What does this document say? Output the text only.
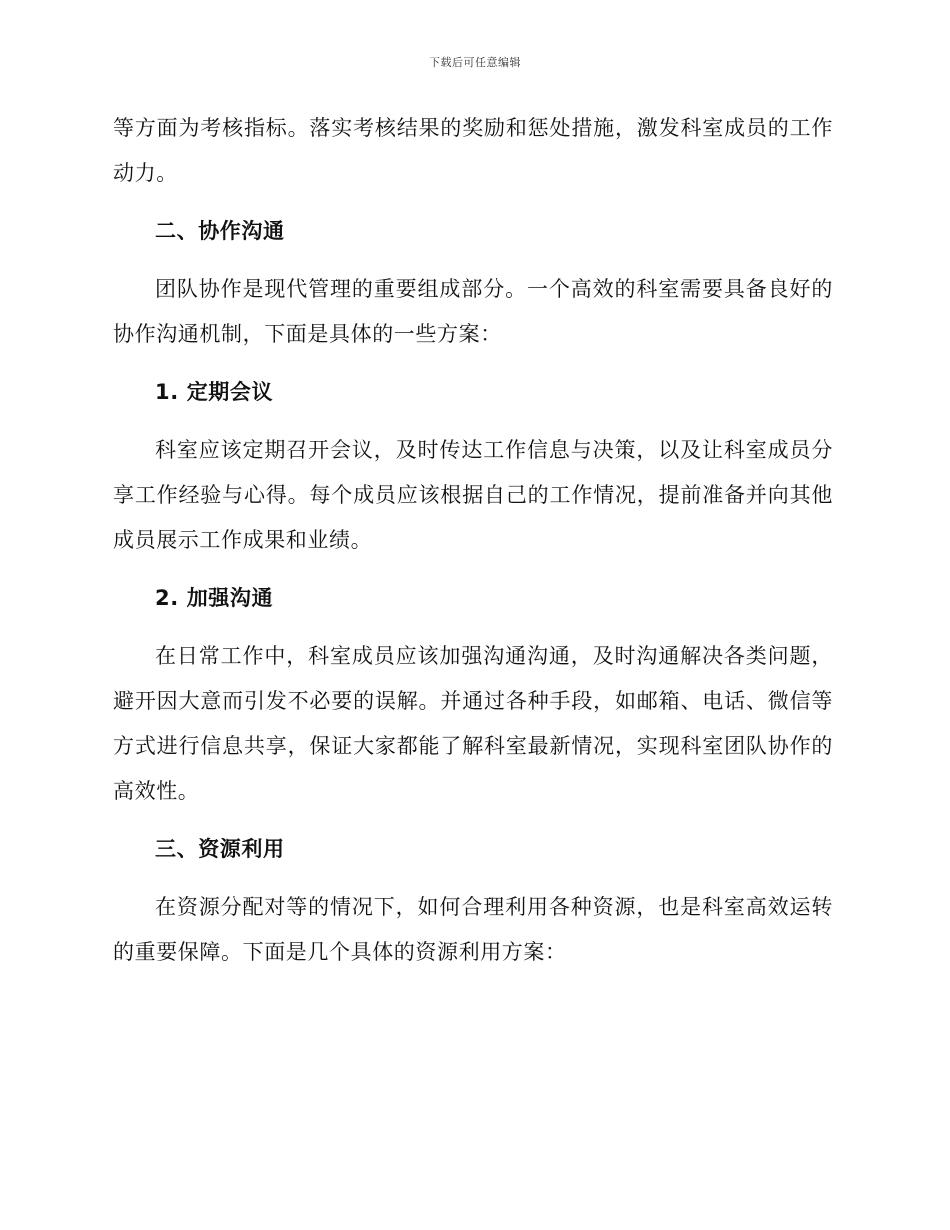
下载后可任意编辑

等方面为考核指标。落实考核结果的奖励和惩处措施，激发科室成员的工作动力。

二、协作沟通

团队协作是现代管理的重要组成部分。一个高效的科室需要具备良好的协作沟通机制，下面是具体的一些方案：

1. 定期会议

科室应该定期召开会议，及时传达工作信息与决策，以及让科室成员分享工作经验与心得。每个成员应该根据自己的工作情况，提前准备并向其他成员展示工作成果和业绩。

2. 加强沟通

在日常工作中，科室成员应该加强沟通沟通，及时沟通解决各类问题，避开因大意而引发不必要的误解。并通过各种手段，如邮箱、电话、微信等方式进行信息共享，保证大家都能了解科室最新情况，实现科室团队协作的高效性。

三、资源利用

在资源分配对等的情况下，如何合理利用各种资源，也是科室高效运转的重要保障。下面是几个具体的资源利用方案：
